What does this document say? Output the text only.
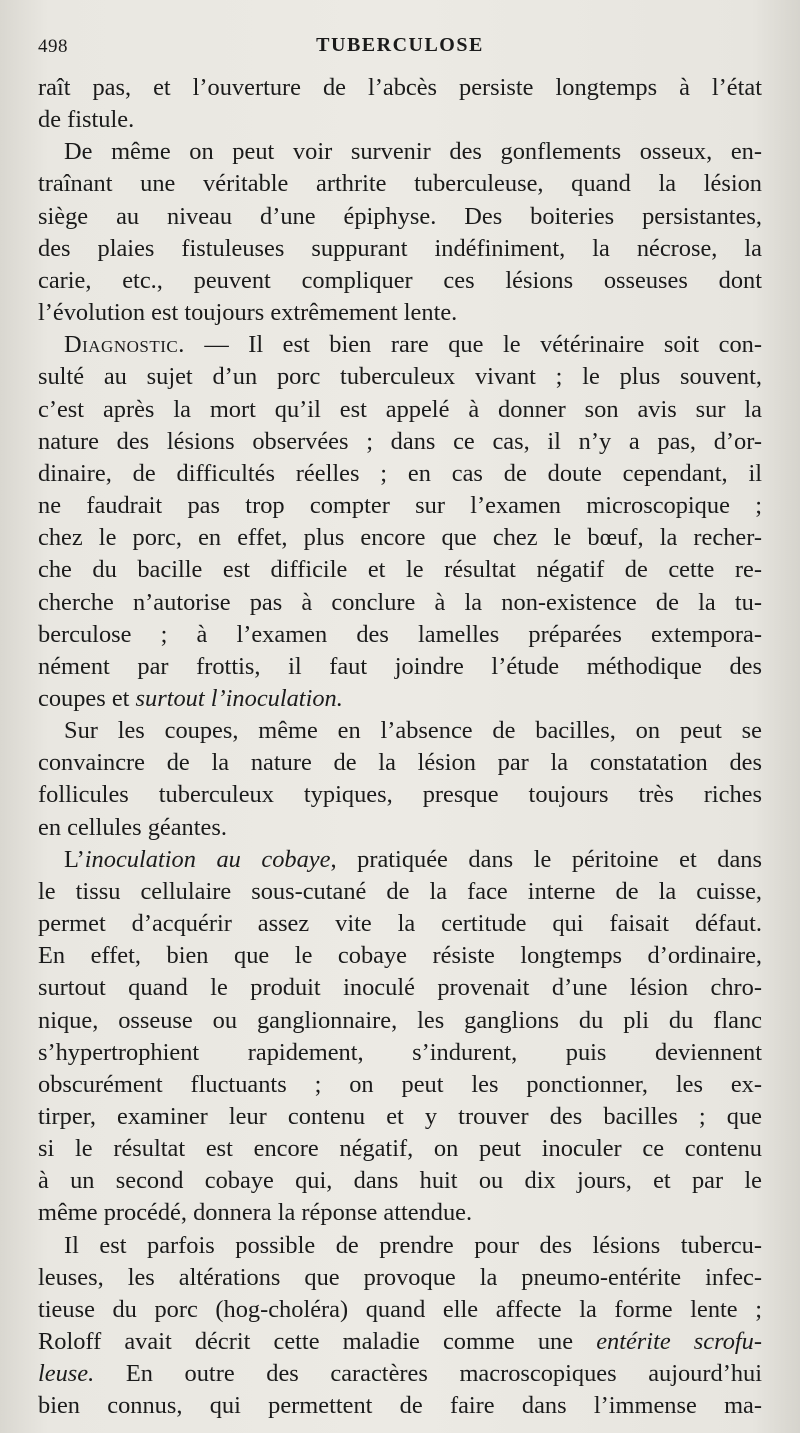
498	TUBERCULOSE

raît pas, et l’ouverture de l’abcès persiste longtemps à l’état

de fistule.

De même on peut voir survenir des gonflements osseux, en-

traînant une véritable arthrite tuberculeuse, quand la lésion

siège au niveau d’une épiphyse. Des boiteries persistantes,

des plaies fistuleuses suppurant indéfiniment, la nécrose, la

carie, etc., peuvent compliquer ces lésions osseuses dont

l’évolution est toujours extrêmement lente.

Diagnostic. — Il est bien rare que le vétérinaire soit con-

sulté au sujet d’un porc tuberculeux vivant ; le plus souvent,

c’est après la mort qu’il est appelé à donner son avis sur la

nature des lésions observées ; dans ce cas, il n’y a pas, d’or-

dinaire, de difficultés réelles ; en cas de doute cependant, il

ne faudrait pas trop compter sur l’examen microscopique ;

chez le porc, en effet, plus encore que chez le bœuf, la recher-

che du bacille est difficile et le résultat négatif de cette re-

cherche n’autorise pas à conclure à la non-existence de la tu-

berculose ; à l’examen des lamelles préparées extempora-

nément par frottis, il faut joindre l’étude méthodique des

coupes et surtout l’inoculation.

Sur les coupes, même en l’absence de bacilles, on peut se

convaincre de la nature de la lésion par la constatation des

follicules tuberculeux typiques, presque toujours très riches

en cellules géantes.

L’inoculation au cobaye, pratiquée dans le péritoine et dans

le tissu cellulaire sous-cutané de la face interne de la cuisse,

permet d’acquérir assez vite la certitude qui faisait défaut.

En effet, bien que le cobaye résiste longtemps d’ordinaire,

surtout quand le produit inoculé provenait d’une lésion chro-

nique, osseuse ou ganglionnaire, les ganglions du pli du flanc

s’hypertrophient rapidement, s’indurent, puis deviennent

obscurément fluctuants ; on peut les ponctionner, les ex-

tirper, examiner leur contenu et y trouver des bacilles ; que

si le résultat est encore négatif, on peut inoculer ce contenu

à un second cobaye qui, dans huit ou dix jours, et par le

même procédé, donnera la réponse attendue.

Il est parfois possible de prendre pour des lésions tubercu-

leuses, les altérations que provoque la pneumo-entérite infec-

tieuse du porc (hog-choléra) quand elle affecte la forme lente ;

Roloff avait décrit cette maladie comme une entérite scrofu-

leuse. En outre des caractères macroscopiques aujourd’hui

bien connus, qui permettent de faire dans l’immense ma-
